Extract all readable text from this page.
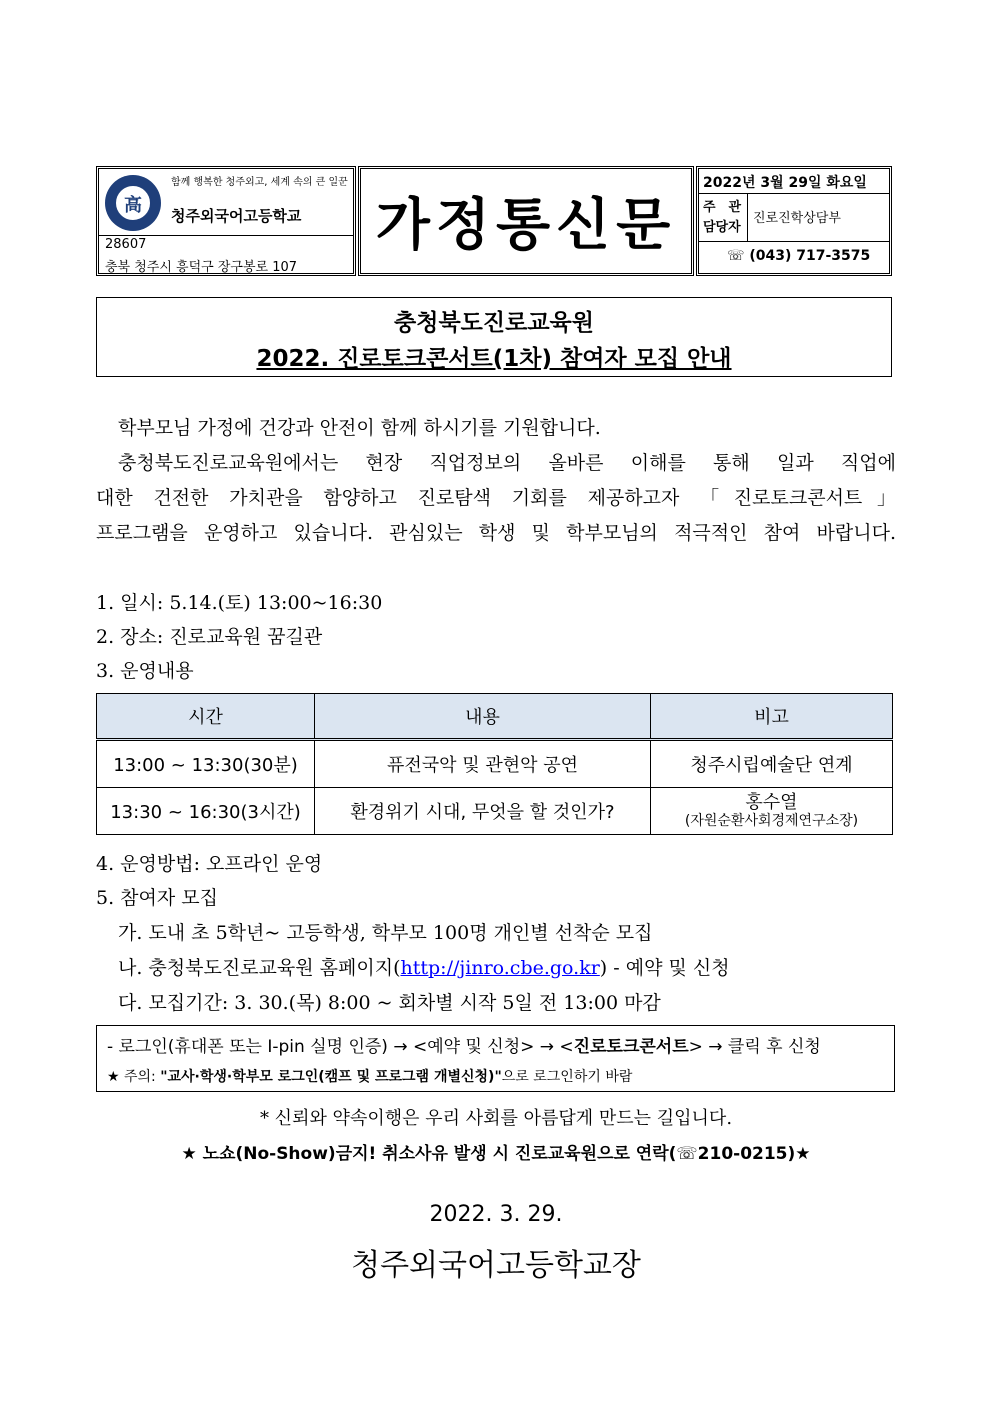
高
함께 행복한 청주외고, 세계 속의 큰 일꾼
청주외국어고등학교
28607
충북 청주시 흥덕구 장구봉로 107
가정통신문
2022년 3월 29일 화요일
주　관
담당자
진로진학상담부
☏ (043) 717-3575
충청북도진로교육원
2022. 진로토크콘서트(1차) 참여자 모집 안내
학부모님 가정에 건강과 안전이 함께 하시기를 기원합니다.
충청북도진로교육원에서는 현장 직업정보의 올바른 이해를 통해 일과 직업에
대한 건전한 가치관을 함양하고 진로탐색 기회를 제공하고자 「진로토크콘서트」
프로그램을 운영하고 있습니다. 관심있는 학생 및 학부모님의 적극적인 참여 바랍니다.
1. 일시: 5.14.(토) 13:00~16:30
2. 장소: 진로교육원 꿈길관
3. 운영내용
시간	내용	비고
13:00 ~ 13:30(30분)	퓨전국악 및 관현악 공연	청주시립예술단 연계
13:30 ~ 16:30(3시간)	환경위기 시대, 무엇을 할 것인가?	홍수열
(자원순환사회경제연구소장)
4. 운영방법: 오프라인 운영
5. 참여자 모집
가. 도내 초 5학년~ 고등학생, 학부모 100명 개인별 선착순 모집
나. 충청북도진로교육원 홈페이지(http://jinro.cbe.go.kr) - 예약 및 신청
다. 모집기간: 3. 30.(목) 8:00 ~ 회차별 시작 5일 전 13:00 마감
- 로그인(휴대폰 또는 I-pin 실명 인증) → <예약 및 신청> → <진로토크콘서트> → 클릭 후 신청
★ 주의: "교사·학생·학부모 로그인(캠프 및 프로그램 개별신청)"으로 로그인하기 바람
* 신뢰와 약속이행은 우리 사회를 아름답게 만드는 길입니다.
★ 노쇼(No-Show)금지! 취소사유 발생 시 진로교육원으로 연락(☏210-0215)★
2022. 3. 29.
청주외국어고등학교장
